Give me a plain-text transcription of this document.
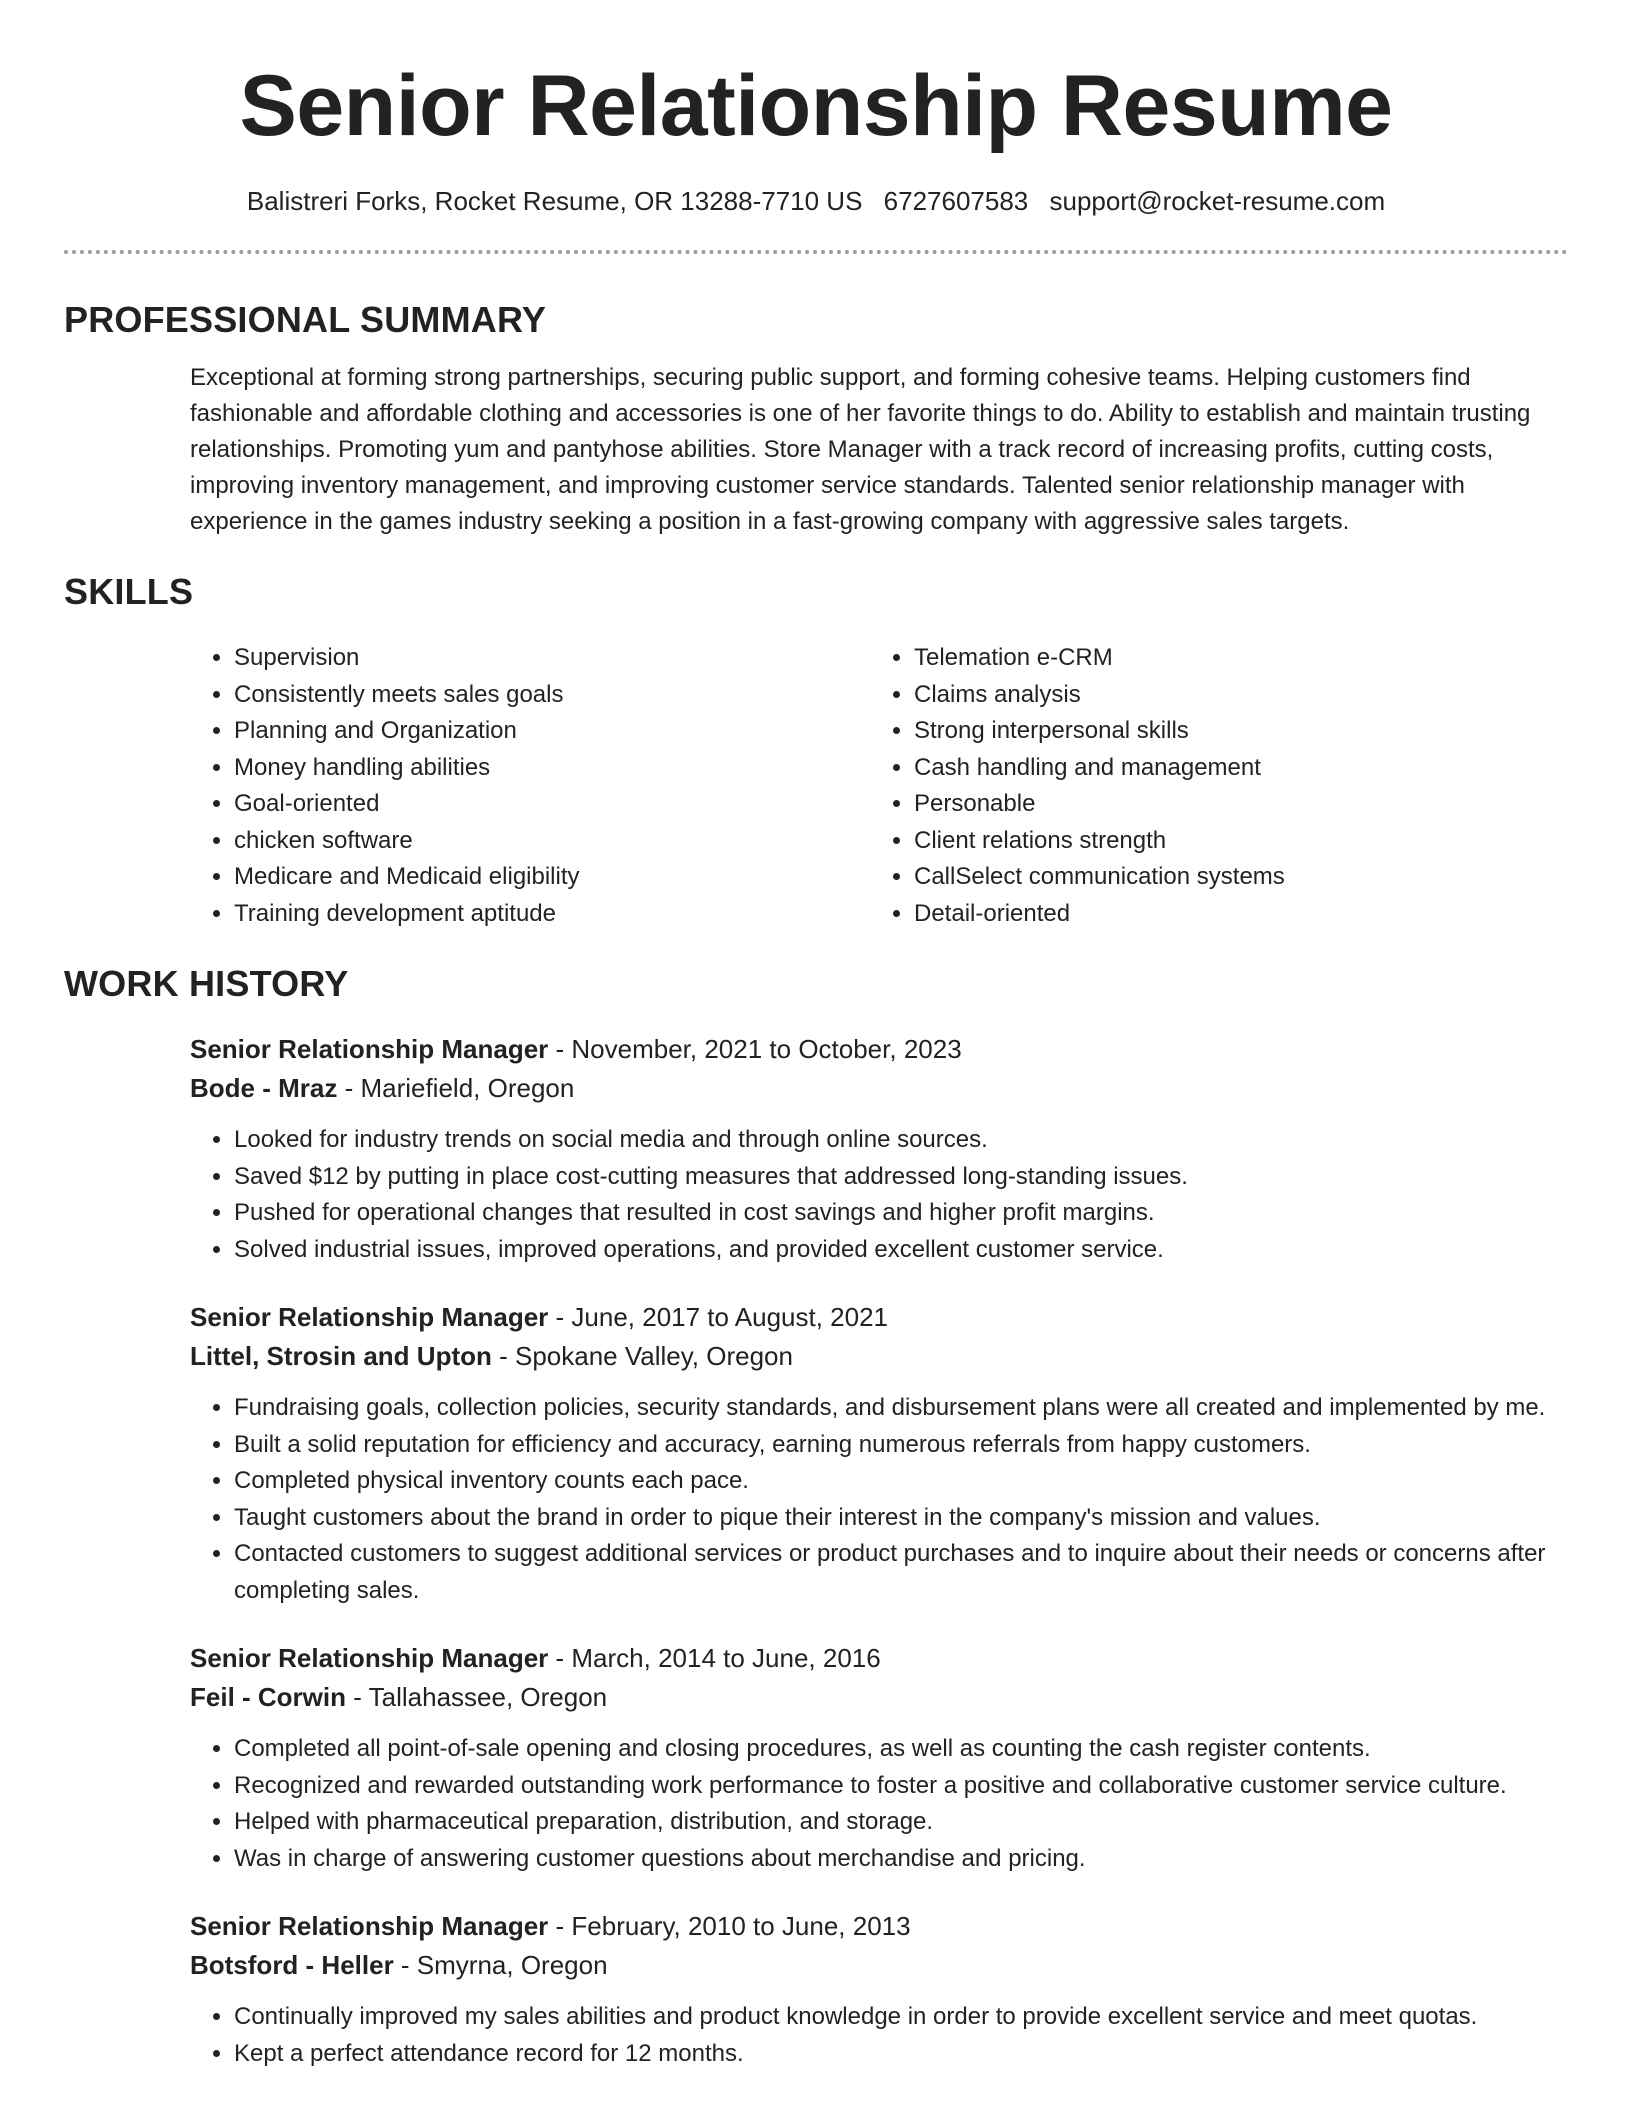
Senior Relationship Resume
Balistreri Forks, Rocket Resume, OR 13288-7710 US 6727607583 support@rocket-resume.com
PROFESSIONAL SUMMARY

Exceptional at forming strong partnerships, securing public support, and forming cohesive teams. Helping customers find fashionable and affordable clothing and accessories is one of her favorite things to do. Ability to establish and maintain trusting relationships. Promoting yum and pantyhose abilities. Store Manager with a track record of increasing profits, cutting costs, improving inventory management, and improving customer service standards. Talented senior relationship manager with experience in the games industry seeking a position in a fast-growing company with aggressive sales targets.

SKILLS
• Supervision
• Consistently meets sales goals
• Planning and Organization
• Money handling abilities
• Goal-oriented
• chicken software
• Medicare and Medicaid eligibility
• Training development aptitude
• Telemation e-CRM
• Claims analysis
• Strong interpersonal skills
• Cash handling and management
• Personable
• Client relations strength
• CallSelect communication systems
• Detail-oriented
WORK HISTORY
Senior Relationship Manager - November, 2021 to October, 2023
Bode - Mraz - Mariefield, Oregon
• Looked for industry trends on social media and through online sources.
• Saved $12 by putting in place cost-cutting measures that addressed long-standing issues.
• Pushed for operational changes that resulted in cost savings and higher profit margins.
• Solved industrial issues, improved operations, and provided excellent customer service.
Senior Relationship Manager - June, 2017 to August, 2021
Littel, Strosin and Upton - Spokane Valley, Oregon
• Fundraising goals, collection policies, security standards, and disbursement plans were all created and implemented by me.
• Built a solid reputation for efficiency and accuracy, earning numerous referrals from happy customers.
• Completed physical inventory counts each pace.
• Taught customers about the brand in order to pique their interest in the company's mission and values.
• Contacted customers to suggest additional services or product purchases and to inquire about their needs or concerns after completing sales.
Senior Relationship Manager - March, 2014 to June, 2016
Feil - Corwin - Tallahassee, Oregon
• Completed all point-of-sale opening and closing procedures, as well as counting the cash register contents.
• Recognized and rewarded outstanding work performance to foster a positive and collaborative customer service culture.
• Helped with pharmaceutical preparation, distribution, and storage.
• Was in charge of answering customer questions about merchandise and pricing.
Senior Relationship Manager - February, 2010 to June, 2013
Botsford - Heller - Smyrna, Oregon
• Continually improved my sales abilities and product knowledge in order to provide excellent service and meet quotas.
• Kept a perfect attendance record for 12 months.
